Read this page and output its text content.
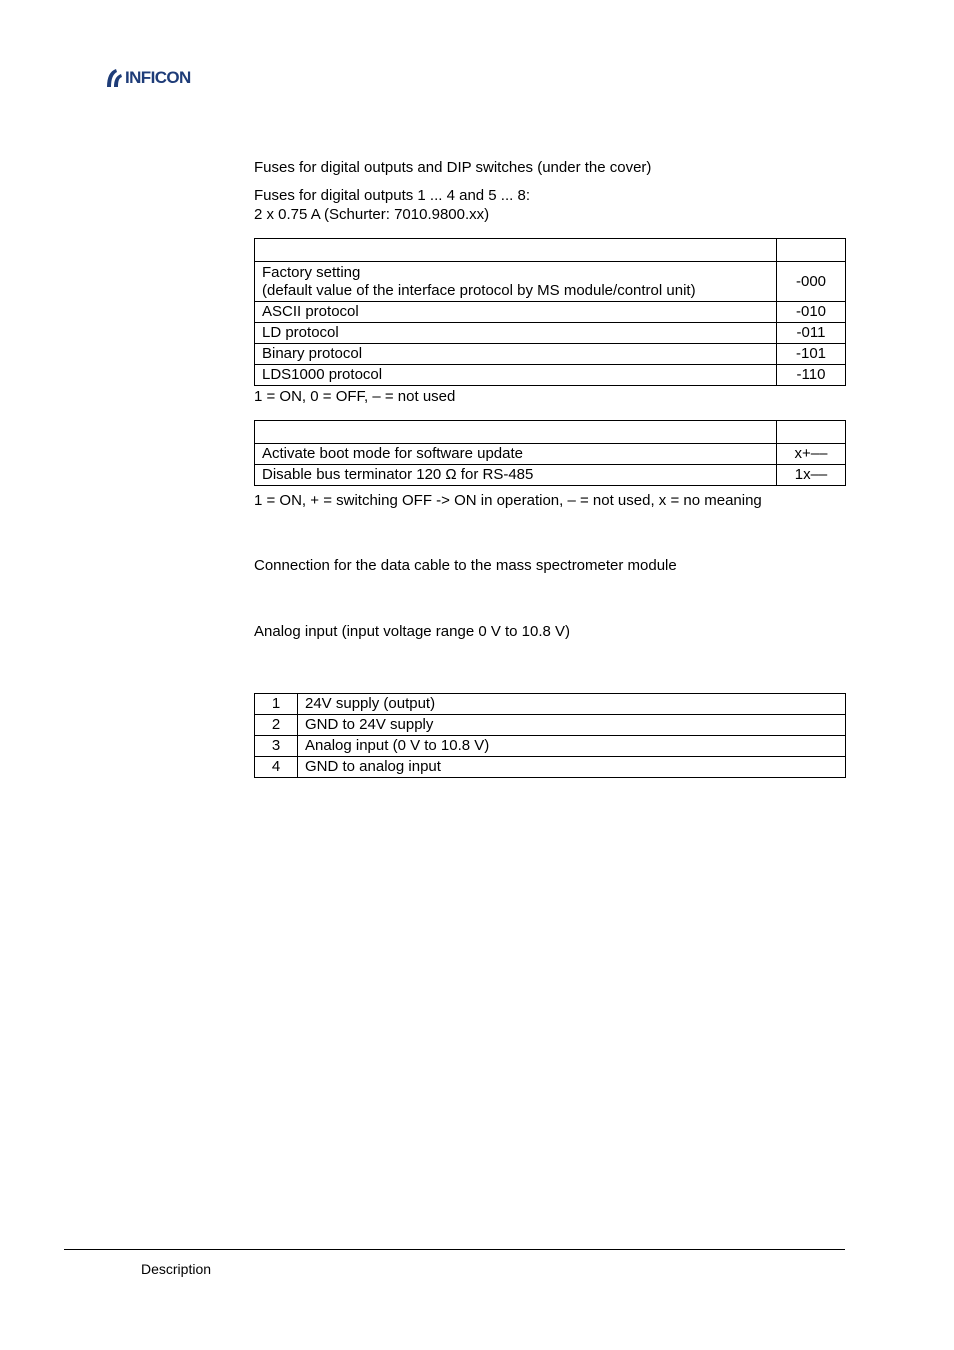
INFICON
Fuses for digital outputs and DIP switches (under the cover)
Fuses for digital outputs 1 ... 4 and 5 ... 8:
2 x 0.75 A (Schurter: 7010.9800.xx)

Factory setting
(default value of the interface protocol by MS module/control unit)	-000
ASCII protocol	-010
LD protocol	-011
Binary protocol	-101
LDS1000 protocol	-110
1 = ON, 0 = OFF, – = not used

Activate boot mode for software update	x+––
Disable bus terminator 120 Ω for RS-485	1x––
1 = ON, + = switching OFF -> ON in operation, – = not used, x = no meaning
Connection for the data cable to the mass spectrometer module
Analog input (input voltage range 0 V to 10.8 V)
1	24V supply (output)
2	GND to 24V supply
3	Analog input (0 V to 10.8 V)
4	GND to analog input
Description
